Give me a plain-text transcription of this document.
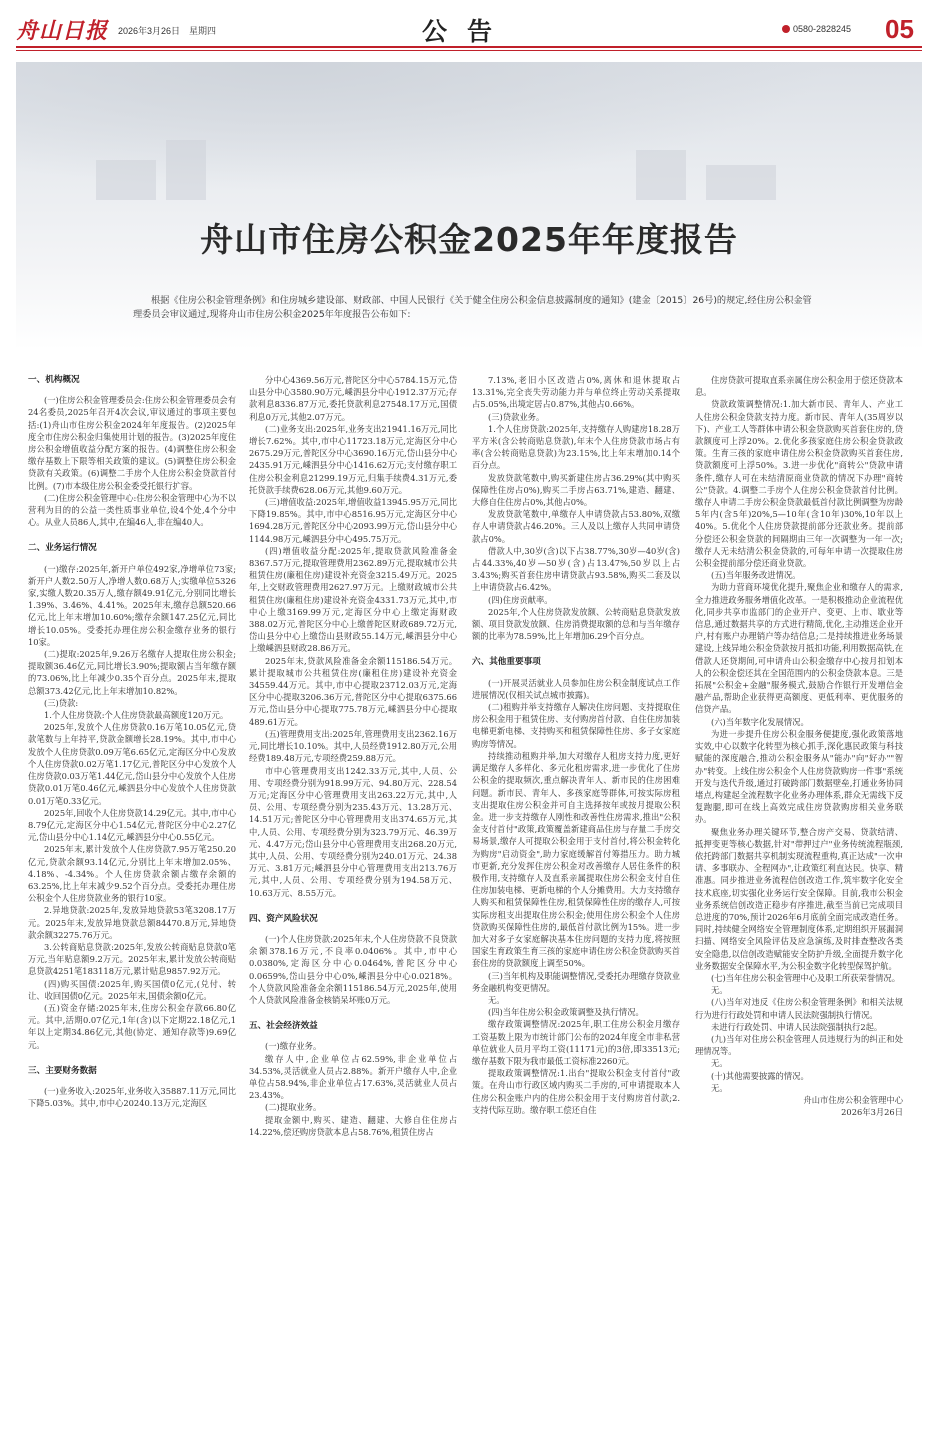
舟山日报 2026年3月26日　星期四	公告	0580-2828245 05
舟山市住房公积金2025年年度报告

根据《住房公积金管理条例》和住房城乡建设部、财政部、中国人民银行《关于健全住房公积金信息披露制度的通知》(建金〔2015〕26号)的规定,经住房公积金管理委员会审议通过,现将舟山市住房公积金2025年年度报告公布如下:

一、机构概况

(一)住房公积金管理委员会:住房公积金管理委员会有24名委员,2025年召开4次会议,审议通过的事项主要包括:(1)舟山市住房公积金2024年年度报告。(2)2025年度全市住房公积金归集使用计划的报告。(3)2025年度住房公积金增值收益分配方案的报告。(4)调整住房公积金缴存基数上下限等相关政策的建议。(5)调整住房公积金贷款有关政策。(6)调整二手房个人住房公积金贷款首付比例。(7)市本级住房公积金委受托银行扩容。

(二)住房公积金管理中心:住房公积金管理中心为不以营利为目的的公益一类性质事业单位,设4个处,4个分中心。从业人员86人,其中,在编46人,非在编40人。

二、业务运行情况

(一)缴存:2025年,新开户单位492家,净增单位73家;新开户人数2.50万人,净增人数0.68万人;实缴单位5326家,实缴人数20.35万人,缴存额49.91亿元,分别同比增长1.39%、3.46%、4.41%。2025年末,缴存总额520.66亿元,比上年末增加10.60%;缴存余额147.25亿元,同比增长10.05%。受委托办理住房公积金缴存业务的银行10家。

(二)提取:2025年,9.26万名缴存人提取住房公积金;提取额36.46亿元,同比增长3.90%;提取额占当年缴存额的73.06%,比上年减少0.35个百分点。2025年末,提取总额373.42亿元,比上年末增加10.82%。

(三)贷款:

1.个人住房贷款:个人住房贷款最高额度120万元。

2025年,发放个人住房贷款0.16万笔10.05亿元,贷款笔数与上年持平,贷款金额增长28.19%。其中,市中心发放个人住房贷款0.09万笔6.65亿元,定海区分中心发放个人住房贷款0.02万笔1.17亿元,普陀区分中心发放个人住房贷款0.03万笔1.44亿元,岱山县分中心发放个人住房贷款0.01万笔0.46亿元,嵊泗县分中心发放个人住房贷款0.01万笔0.33亿元。

2025年,回收个人住房贷款14.29亿元。其中,市中心8.79亿元,定海区分中心1.54亿元,普陀区分中心2.27亿元,岱山县分中心1.14亿元,嵊泗县分中心0.55亿元。

2025年末,累计发放个人住房贷款7.95万笔250.20亿元,贷款余额93.14亿元,分别比上年末增加2.05%、4.18%、-4.34%。个人住房贷款余额占缴存余额的63.25%,比上年末减少9.52个百分点。受委托办理住房公积金个人住房贷款业务的银行10家。

2.异地贷款:2025年,发放异地贷款53笔3208.17万元。2025年末,发放异地贷款总额84470.8万元,异地贷款余额32275.76万元。

3.公转商贴息贷款:2025年,发放公转商贴息贷款0笔万元,当年贴息额9.2万元。2025年末,累计发放公转商贴息贷款4251笔183118万元,累计贴息9857.92万元。

(四)购买国债:2025年,购买国债0亿元,(兑付、转让、收回国债0亿元。2025年末,国债余额0亿元。

(五)资金存储:2025年末,住房公积金存款66.80亿元。其中,活期0.07亿元,1年(含)以下定期22.18亿元,1年以上定期34.86亿元,其他(协定、通知存款等)9.69亿元。

三、主要财务数据

(一)业务收入:2025年,业务收入35887.11万元,同比下降5.03%。其中,市中心20240.13万元,定海区

分中心4369.56万元,普陀区分中心5784.15万元,岱山县分中心3580.90万元,嵊泗县分中心1912.37万元;存款利息8336.87万元,委托贷款利息27548.17万元,国债利息0万元,其他2.07万元。

(二)业务支出:2025年,业务支出21941.16万元,同比增长7.62%。其中,市中心11723.18万元,定海区分中心2675.29万元,普陀区分中心3690.16万元,岱山县分中心2435.91万元,嵊泗县分中心1416.62万元;支付缴存职工住房公积金利息21299.19万元,归集手续费4.31万元,委托贷款手续费628.06万元,其他9.60万元。

(三)增值收益:2025年,增值收益13945.95万元,同比下降19.85%。其中,市中心8516.95万元,定海区分中心1694.28万元,普陀区分中心2093.99万元,岱山县分中心1144.98万元,嵊泗县分中心495.75万元。

(四)增值收益分配:2025年,提取贷款风险准备金8367.57万元,提取管理费用2362.89万元,提取城市公共租赁住房(廉租住房)建设补充资金3215.49万元。2025年,上交财政管理费用2627.97万元。上缴财政城市公共租赁住房(廉租住房)建设补充资金4331.73万元,其中,市中心上缴3169.99万元,定海区分中心上缴定海财政388.02万元,普陀区分中心上缴普陀区财政689.72万元,岱山县分中心上缴岱山县财政55.14万元,嵊泗县分中心上缴嵊泗县财政28.86万元。

2025年末,贷款风险准备金余额115186.54万元。累计提取城市公共租赁住房(廉租住房)建设补充资金34559.44万元。其中,市中心提取23712.03万元,定海区分中心提取3206.36万元,普陀区分中心提取6375.66万元,岱山县分中心提取775.78万元,嵊泗县分中心提取489.61万元。

(五)管理费用支出:2025年,管理费用支出2362.16万元,同比增长10.10%。其中,人员经费1912.80万元,公用经费189.48万元,专项经费259.88万元。

市中心管理费用支出1242.33万元,其中,人员、公用、专项经费分别为918.99万元、94.80万元、228.54万元;定海区分中心管理费用支出263.22万元,其中,人员、公用、专项经费分别为235.43万元、13.28万元、14.51万元;普陀区分中心管理费用支出374.65万元,其中,人员、公用、专项经费分别为323.79万元、46.39万元、4.47万元;岱山县分中心管理费用支出268.20万元,其中,人员、公用、专项经费分别为240.01万元、24.38万元、3.81万元;嵊泗县分中心管理费用支出213.76万元,其中,人员、公用、专项经费分别为194.58万元、10.63万元、8.55万元。

四、资产风险状况

(一)个人住房贷款:2025年末,个人住房贷款不良贷款余额378.16万元,不良率0.0406%。其中,市中心0.0380%,定海区分中心0.0464%,普陀区分中心0.0659%,岱山县分中心0%,嵊泗县分中心0.0218%。个人贷款风险准备金余额115186.54万元,2025年,使用个人贷款风险准备金核销呆坏账0万元。

五、社会经济效益

(一)缴存业务。

缴存人中,企业单位占62.59%,非企业单位占34.53%,灵活就业人员占2.88%。新开户缴存人中,企业单位占58.94%,非企业单位占17.63%,灵活就业人员占23.43%。

(二)提取业务。

提取金额中,购买、建造、翻建、大修自住住房占14.22%,偿还购房贷款本息占58.76%,租赁住房占

7.13%,老旧小区改造占0%,离休和退休提取占13.31%,完全丧失劳动能力并与单位终止劳动关系提取占5.05%,出境定居占0.87%,其他占0.66%。

(三)贷款业务。

1.个人住房贷款:2025年,支持缴存人购建房18.28万平方米(含公转商贴息贷款),年末个人住房贷款市场占有率(含公转商贴息贷款)为23.15%,比上年末增加0.14个百分点。

发放贷款笔数中,购买新建住房占36.29%(其中购买保障性住房占0%),购买二手房占63.71%,建造、翻建、大修自住住房占0%,其他占0%。

发放贷款笔数中,单缴存人申请贷款占53.80%,双缴存人申请贷款占46.20%。三人及以上缴存人共同申请贷款占0%。

借款人中,30岁(含)以下占38.77%,30岁—40岁(含)占44.33%,40岁—50岁(含)占13.47%,50岁以上占3.43%;购买首套住房申请贷款占93.58%,购买二套及以上申请贷款占6.42%。

(四)住房贡献率。

2025年,个人住房贷款发放额、公转商贴息贷款发放额、项目贷款发放额、住房消费提取额的总和与当年缴存额的比率为78.59%,比上年增加6.29个百分点。

六、其他重要事项

(一)开展灵活就业人员参加住房公积金制度试点工作进展情况(仅相关试点城市披露)。

(二)租购并举支持缴存人解决住房问题、支持提取住房公积金用于租赁住房、支付购房首付款、自住住房加装电梯更新电梯、支持购买和租赁保障性住房、多子女家庭购房等情况。

持续推动租购并举,加大对缴存人租房支持力度,更好满足缴存人多样化、多元化租房需求,进一步优化了住房公积金的提取频次,重点解决青年人、新市民的住房困难问题。新市民、青年人、多孩家庭等群体,可按实际房租支出提取住房公积金并可自主选择按年或按月提取公积金。进一步支持缴存人刚性和改善性住房需求,推出"公积金支付首付"政策,政策覆盖新建商品住房与存量二手房交易场景,缴存人可提取公积金用于支付首付,将公积金转化为购房"启动资金",助力家庭缓解首付筹措压力。助力城市更新,充分发挥住房公积金对改善缴存人居住条件的积极作用,支持缴存人及直系亲属提取住房公积金支付自住住房加装电梯、更新电梯的个人分摊费用。大力支持缴存人购买和租赁保障性住房,租赁保障性住房的缴存人,可按实际房租支出提取住房公积金;使用住房公积金个人住房贷款购买保障性住房的,最低首付款比例为15%。进一步加大对多子女家庭解决基本住房问题的支持力度,将按照国家生育政策生育三孩的家庭申请住房公积金贷款购买首套住房的贷款额度上调至50%。

(三)当年机构及职能调整情况,受委托办理缴存贷款业务金融机构变更情况。

无。

(四)当年住房公积金政策调整及执行情况。

缴存政策调整情况:2025年,职工住房公积金月缴存工资基数上限为市统计部门公布的2024年度全市非私营单位就业人员月平均工资(11171元)的3倍,即33513元;缴存基数下限为我市最低工资标准2260元。

提取政策调整情况:1.出台"提取公积金支付首付"政策。在舟山市行政区域内购买二手房的,可申请提取本人住房公积金账户内的住房公积金用于支付购房首付款;2.支持代际互助。缴存职工偿还自住

住房贷款可提取直系亲属住房公积金用于偿还贷款本息。

贷款政策调整情况:1.加大新市民、青年人、产业工人住房公积金贷款支持力度。新市民、青年人(35周岁以下)、产业工人等群体申请公积金贷款购买首套住房的,贷款额度可上浮20%。2.优化多孩家庭住房公积金贷款政策。生育三孩的家庭申请住房公积金贷款购买首套住房,贷款额度可上浮50%。3.进一步优化"商转公"贷款申请条件,缴存人可在未结清原商业贷款的情况下办理"商转公"贷款。4.调整二手房个人住房公积金贷款首付比例。缴存人申请二手房公积金贷款最低首付款比例调整为房龄5年内(含5年)20%,5—10年(含10年)30%,10年以上40%。5.优化个人住房贷款提前部分还款业务。提前部分偿还公积金贷款的间隔期由三年一次调整为一年一次;缴存人无未结清公积金贷款的,可每年申请一次提取住房公积金提前部分偿还商业贷款。

(五)当年服务改进情况。

为助力营商环境优化提升,聚焦企业和缴存人的需求,全力推进政务服务增值化改革。一是积极推动企业流程优化,同步共享市监部门的企业开户、变更、上市、歇业等信息,通过数据共享的方式进行精简,优化,主动推送企业开户,村有账户办理销户等办结信息;二是持续推进业务场景建设,上线异地公积金贷款按月抵扣功能,利用数据高铁,在借款人还贷期间,可申请舟山公积金缴存中心按月扣划本人的公积金偿还其在全国范围内的公积金贷款本息。三是拓展"公积金+金融"服务模式,鼓励合作银行开发增信金融产品,帮助企业获得更高额度、更低利率、更优服务的信贷产品。

(六)当年数字化发展情况。

为进一步提升住房公积金服务便捷度,强化政策落地实效,中心以数字化转型为核心抓手,深化惠民政策与科技赋能的深度融合,推动公积金服务从"能办"向"好办""智办"转变。上线住房公积金个人住房贷款购房一件事"系统开发与迭代升级,通过打破跨部门数据壁垒,打通业务协同堵点,构建起全流程数字化业务办理体系,群众无需线下反复跑腿,即可在线上高效完成住房贷款购房相关业务联办。

聚焦业务办理关键环节,整合房产交易、贷款结清、抵押变更等核心数据,针对"带押过户"业务传统流程瓶颈,依托跨部门数据共享机制实现流程重构,真正达成"一次申请、多事联办、全程网办",让政策红利直达民。快享、精准惠。同步推进业务流程信创改造工作,筑牢数字化安全技术底座,切实强化业务运行安全保障。目前,我市公积金业务系统信创改造正稳步有序推进,截至当前已完成项目总进度的70%,预计2026年6月底前全面完成改造任务。同时,持续健全网络安全管理制度体系,定期组织开展漏洞扫描、网络安全风险评估及应急演练,及时排查整改各类安全隐患,以信创改造赋能安全防护升级,全面提升数字化业务数据安全保障水平,为公积金数字化转型保驾护航。

(七)当年住房公积金管理中心及职工所获荣誉情况。

无。

(八)当年对违反《住房公积金管理条例》和相关法规行为进行行政处罚和申请人民法院强制执行情况。

未进行行政处罚、申请人民法院强制执行2起。

(九)当年对住房公积金管理人员违规行为的纠正和处理情况等。

无。

(十)其他需要披露的情况。

无。

舟山市住房公积金管理中心

2026年3月26日
